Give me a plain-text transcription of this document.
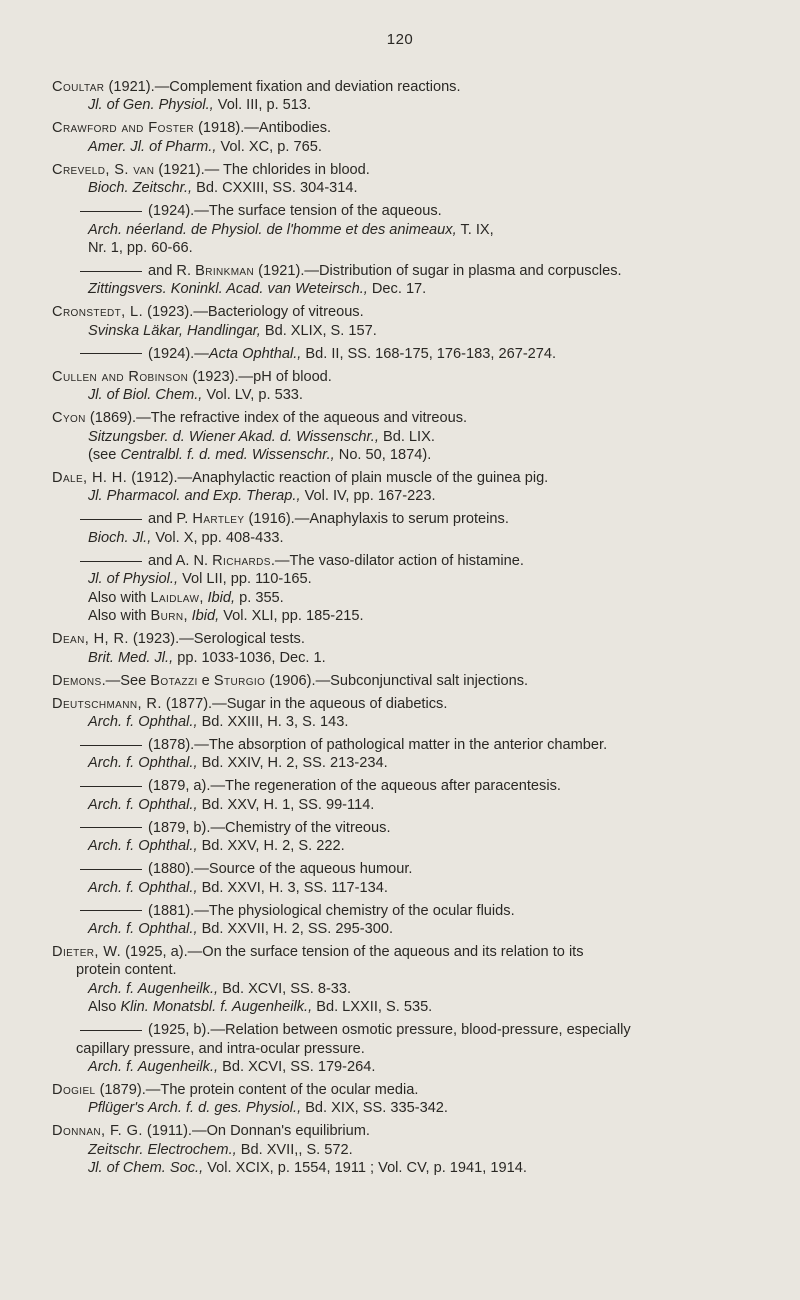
120
Coultar (1921).—Complement fixation and deviation reactions.
Jl. of Gen. Physiol., Vol. III, p. 513.
Crawford and Foster (1918).—Antibodies.
Amer. Jl. of Pharm., Vol. XC, p. 765.
Creveld, S. van (1921).— The chlorides in blood.
Bioch. Zeitschr., Bd. CXXIII, SS. 304-314.
(1924).—The surface tension of the aqueous.
Arch. néerland. de Physiol. de l'homme et des animeaux, T. IX,
Nr. 1, pp. 60-66.
and R. Brinkman (1921).—Distribution of sugar in plasma and corpuscles.
Zittingsvers. Koninkl. Acad. van Weteirsch., Dec. 17.
Cronstedt, L. (1923).—Bacteriology of vitreous.
Svinska Läkar, Handlingar, Bd. XLIX, S. 157.
(1924).—Acta Ophthal., Bd. II, SS. 168-175, 176-183, 267-274.
Cullen and Robinson (1923).—pH of blood.
Jl. of Biol. Chem., Vol. LV, p. 533.
Cyon (1869).—The refractive index of the aqueous and vitreous.
Sitzungsber. d. Wiener Akad. d. Wissenschr., Bd. LIX.
(see Centralbl. f. d. med. Wissenschr., No. 50, 1874).
Dale, H. H. (1912).—Anaphylactic reaction of plain muscle of the guinea pig.
Jl. Pharmacol. and Exp. Therap., Vol. IV, pp. 167-223.
and P. Hartley (1916).—Anaphylaxis to serum proteins.
Bioch. Jl., Vol. X, pp. 408-433.
and A. N. Richards.—The vaso-dilator action of histamine.
Jl. of Physiol., Vol LII, pp. 110-165.
Also with Laidlaw, Ibid, p. 355.
Also with Burn, Ibid, Vol. XLI, pp. 185-215.
Dean, H, R. (1923).—Serological tests.
Brit. Med. Jl., pp. 1033-1036, Dec. 1.
Demons.—See Botazzi e Sturgio (1906).—Subconjunctival salt injections.
Deutschmann, R. (1877).—Sugar in the aqueous of diabetics.
Arch. f. Ophthal., Bd. XXIII, H. 3, S. 143.
(1878).—The absorption of pathological matter in the anterior chamber.
Arch. f. Ophthal., Bd. XXIV, H. 2, SS. 213-234.
(1879, a).—The regeneration of the aqueous after paracentesis.
Arch. f. Ophthal., Bd. XXV, H. 1, SS. 99-114.
(1879, b).—Chemistry of the vitreous.
Arch. f. Ophthal., Bd. XXV, H. 2, S. 222.
(1880).—Source of the aqueous humour.
Arch. f. Ophthal., Bd. XXVI, H. 3, SS. 117-134.
(1881).—The physiological chemistry of the ocular fluids.
Arch. f. Ophthal., Bd. XXVII, H. 2, SS. 295-300.
Dieter, W. (1925, a).—On the surface tension of the aqueous and its relation to its
protein content.
Arch. f. Augenheilk., Bd. XCVI, SS. 8-33.
Also Klin. Monatsbl. f. Augenheilk., Bd. LXXII, S. 535.
(1925, b).—Relation between osmotic pressure, blood-pressure, especially
capillary pressure, and intra-ocular pressure.
Arch. f. Augenheilk., Bd. XCVI, SS. 179-264.
Dogiel (1879).—The protein content of the ocular media.
Pflüger's Arch. f. d. ges. Physiol., Bd. XIX, SS. 335-342.
Donnan, F. G. (1911).—On Donnan's equilibrium.
Zeitschr. Electrochem., Bd. XVII,, S. 572.
Jl. of Chem. Soc., Vol. XCIX, p. 1554, 1911 ; Vol. CV, p. 1941, 1914.
